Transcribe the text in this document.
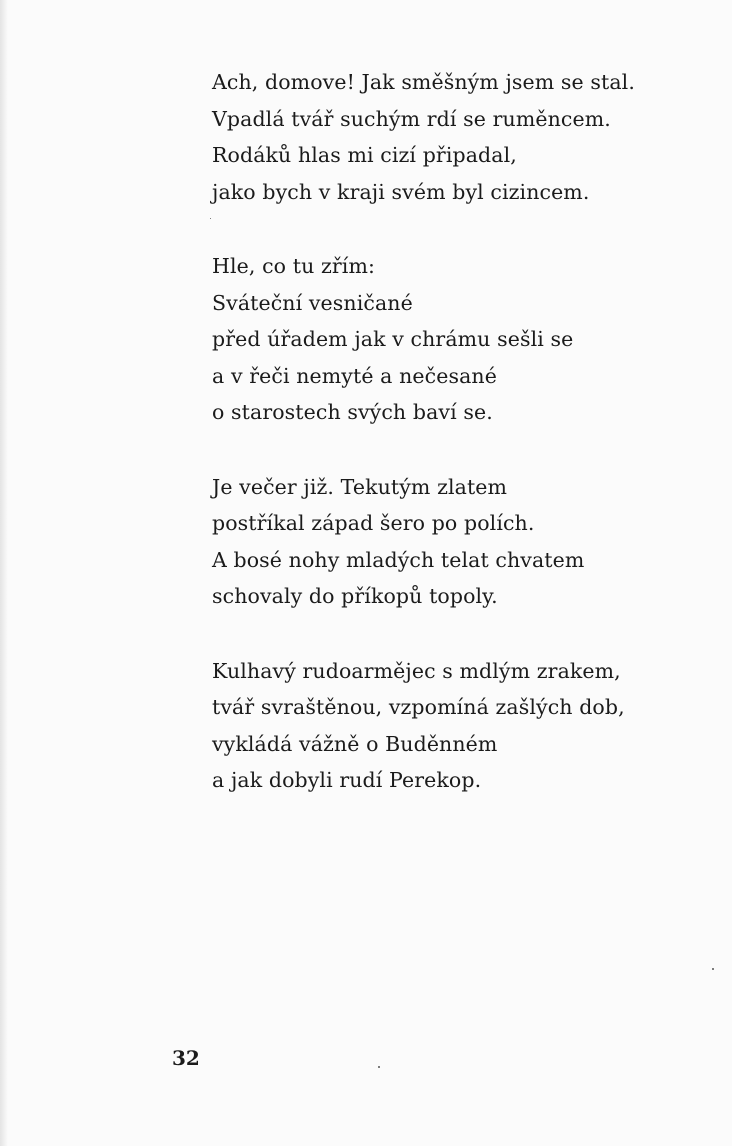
Ach, domove! Jak směšným jsem se stal.
Vpadlá tvář suchým rdí se ruměncem.
Rodáků hlas mi cizí připadal,
jako bych v kraji svém byl cizincem.
Hle, co tu zřím:
Sváteční vesničané
před úřadem jak v chrámu sešli se
a v řeči nemyté a nečesané
o starostech svých baví se.
Je večer již. Tekutým zlatem
postříkal západ šero po polích.
A bosé nohy mladých telat chvatem
schovaly do příkopů topoly.
Kulhavý rudoarmějec s mdlým zrakem,
tvář svraštěnou, vzpomíná zašlých dob,
vykládá vážně o Buděnném
a jak dobyli rudí Perekop.
32
